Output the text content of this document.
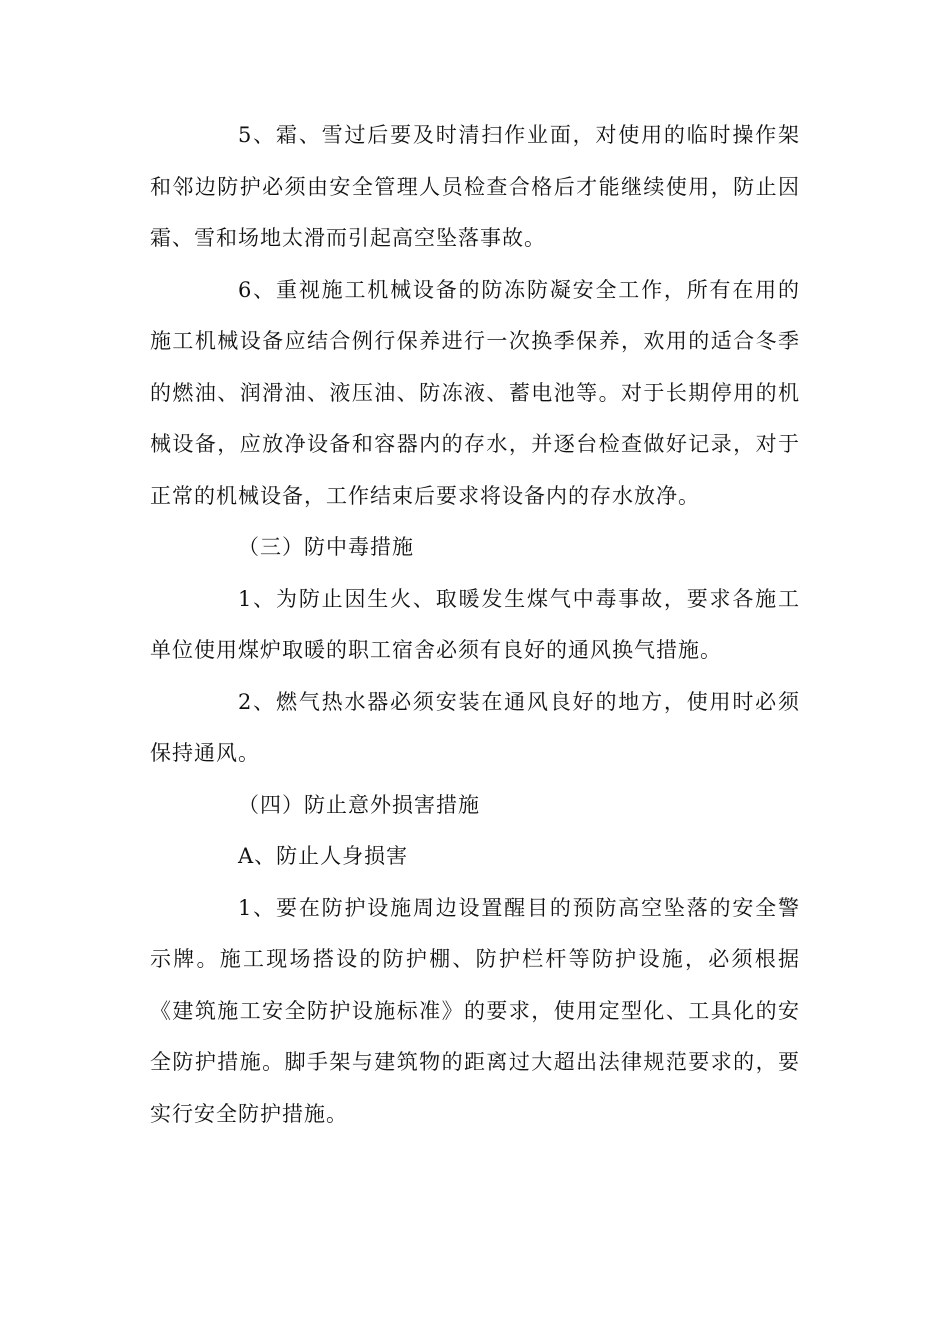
5、霜、雪过后要及时清扫作业面，对使用的临时操作架和邻边防护必须由安全管理人员检查合格后才能继续使用，防止因霜、雪和场地太滑而引起高空坠落事故。

6、重视施工机械设备的防冻防凝安全工作，所有在用的施工机械设备应结合例行保养进行一次换季保养，欢用的适合冬季的燃油、润滑油、液压油、防冻液、蓄电池等。对于长期停用的机械设备，应放净设备和容器内的存水，并逐台检查做好记录，对于正常的机械设备，工作结束后要求将设备内的存水放净。

（三）防中毒措施

1、为防止因生火、取暖发生煤气中毒事故，要求各施工单位使用煤炉取暖的职工宿舍必须有良好的通风换气措施。

2、燃气热水器必须安装在通风良好的地方，使用时必须保持通风。

（四）防止意外损害措施

A、防止人身损害

1、要在防护设施周边设置醒目的预防高空坠落的安全警示牌。施工现场搭设的防护棚、防护栏杆等防护设施，必须根据《建筑施工安全防护设施标准》的要求，使用定型化、工具化的安全防护措施。脚手架与建筑物的距离过大超出法律规范要求的，要实行安全防护措施。
